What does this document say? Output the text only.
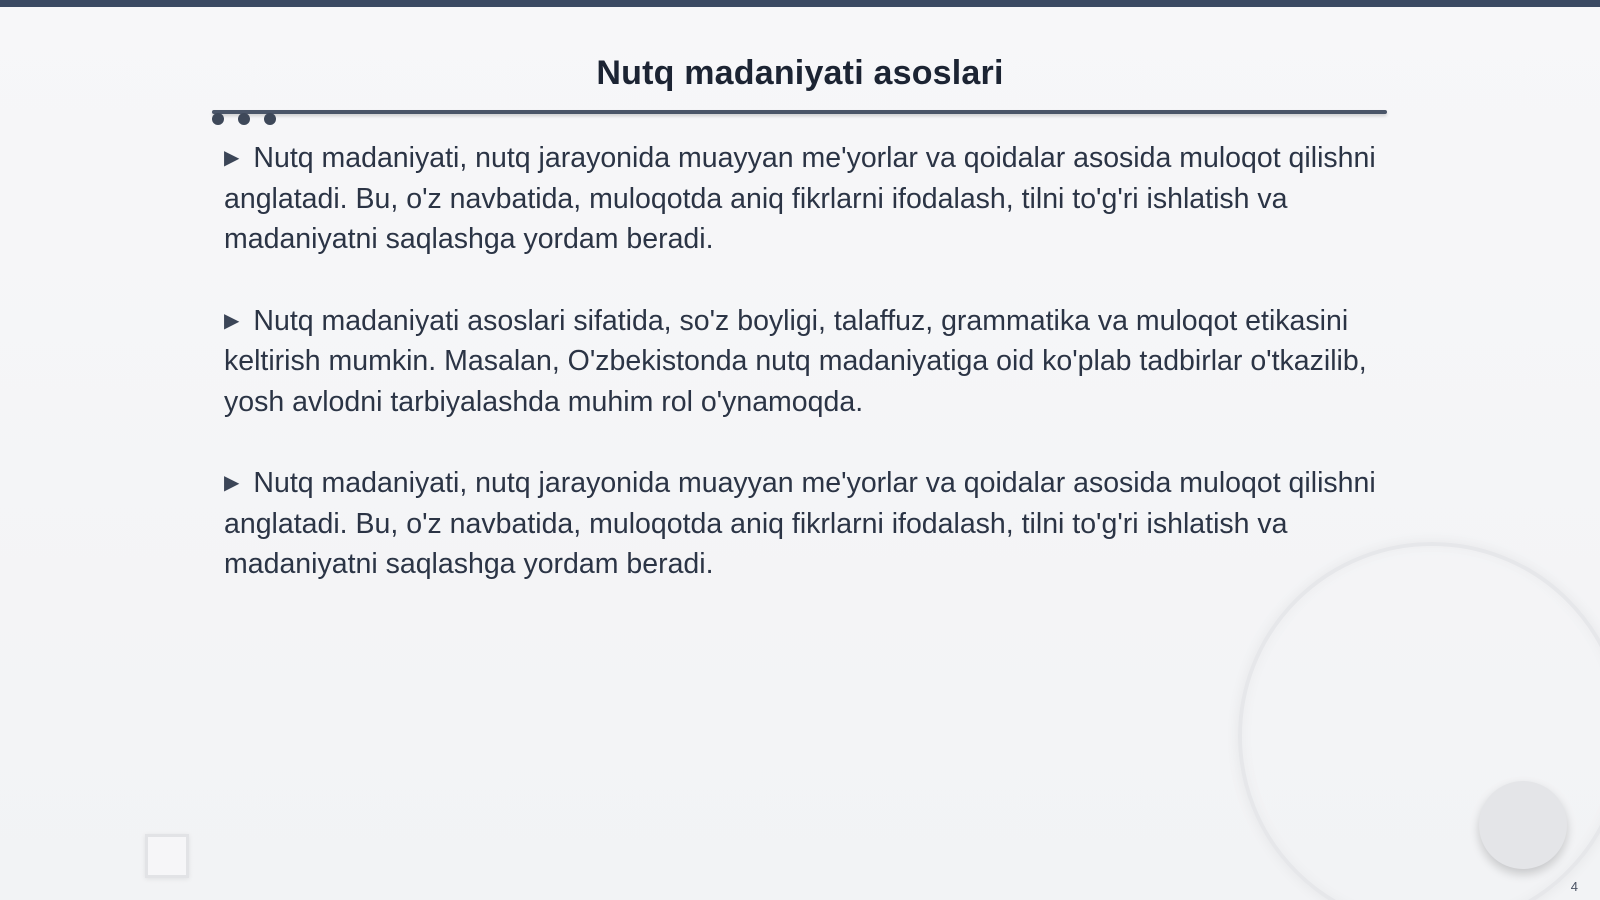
Nutq madaniyati asoslari

▶ Nutq madaniyati, nutq jarayonida muayyan me'yorlar va qoidalar asosida muloqot qilishni anglatadi. Bu, o'z navbatida, muloqotda aniq fikrlarni ifodalash, tilni to'g'ri ishlatish va madaniyatni saqlashga yordam beradi.

▶ Nutq madaniyati asoslari sifatida, so'z boyligi, talaffuz, grammatika va muloqot etikasini keltirish mumkin. Masalan, O'zbekistonda nutq madaniyatiga oid ko'plab tadbirlar o'tkazilib, yosh avlodni tarbiyalashda muhim rol o'ynamoqda.

▶ Nutq madaniyati, nutq jarayonida muayyan me'yorlar va qoidalar asosida muloqot qilishni anglatadi. Bu, o'z navbatida, muloqotda aniq fikrlarni ifodalash, tilni to'g'ri ishlatish va madaniyatni saqlashga yordam beradi.

4
